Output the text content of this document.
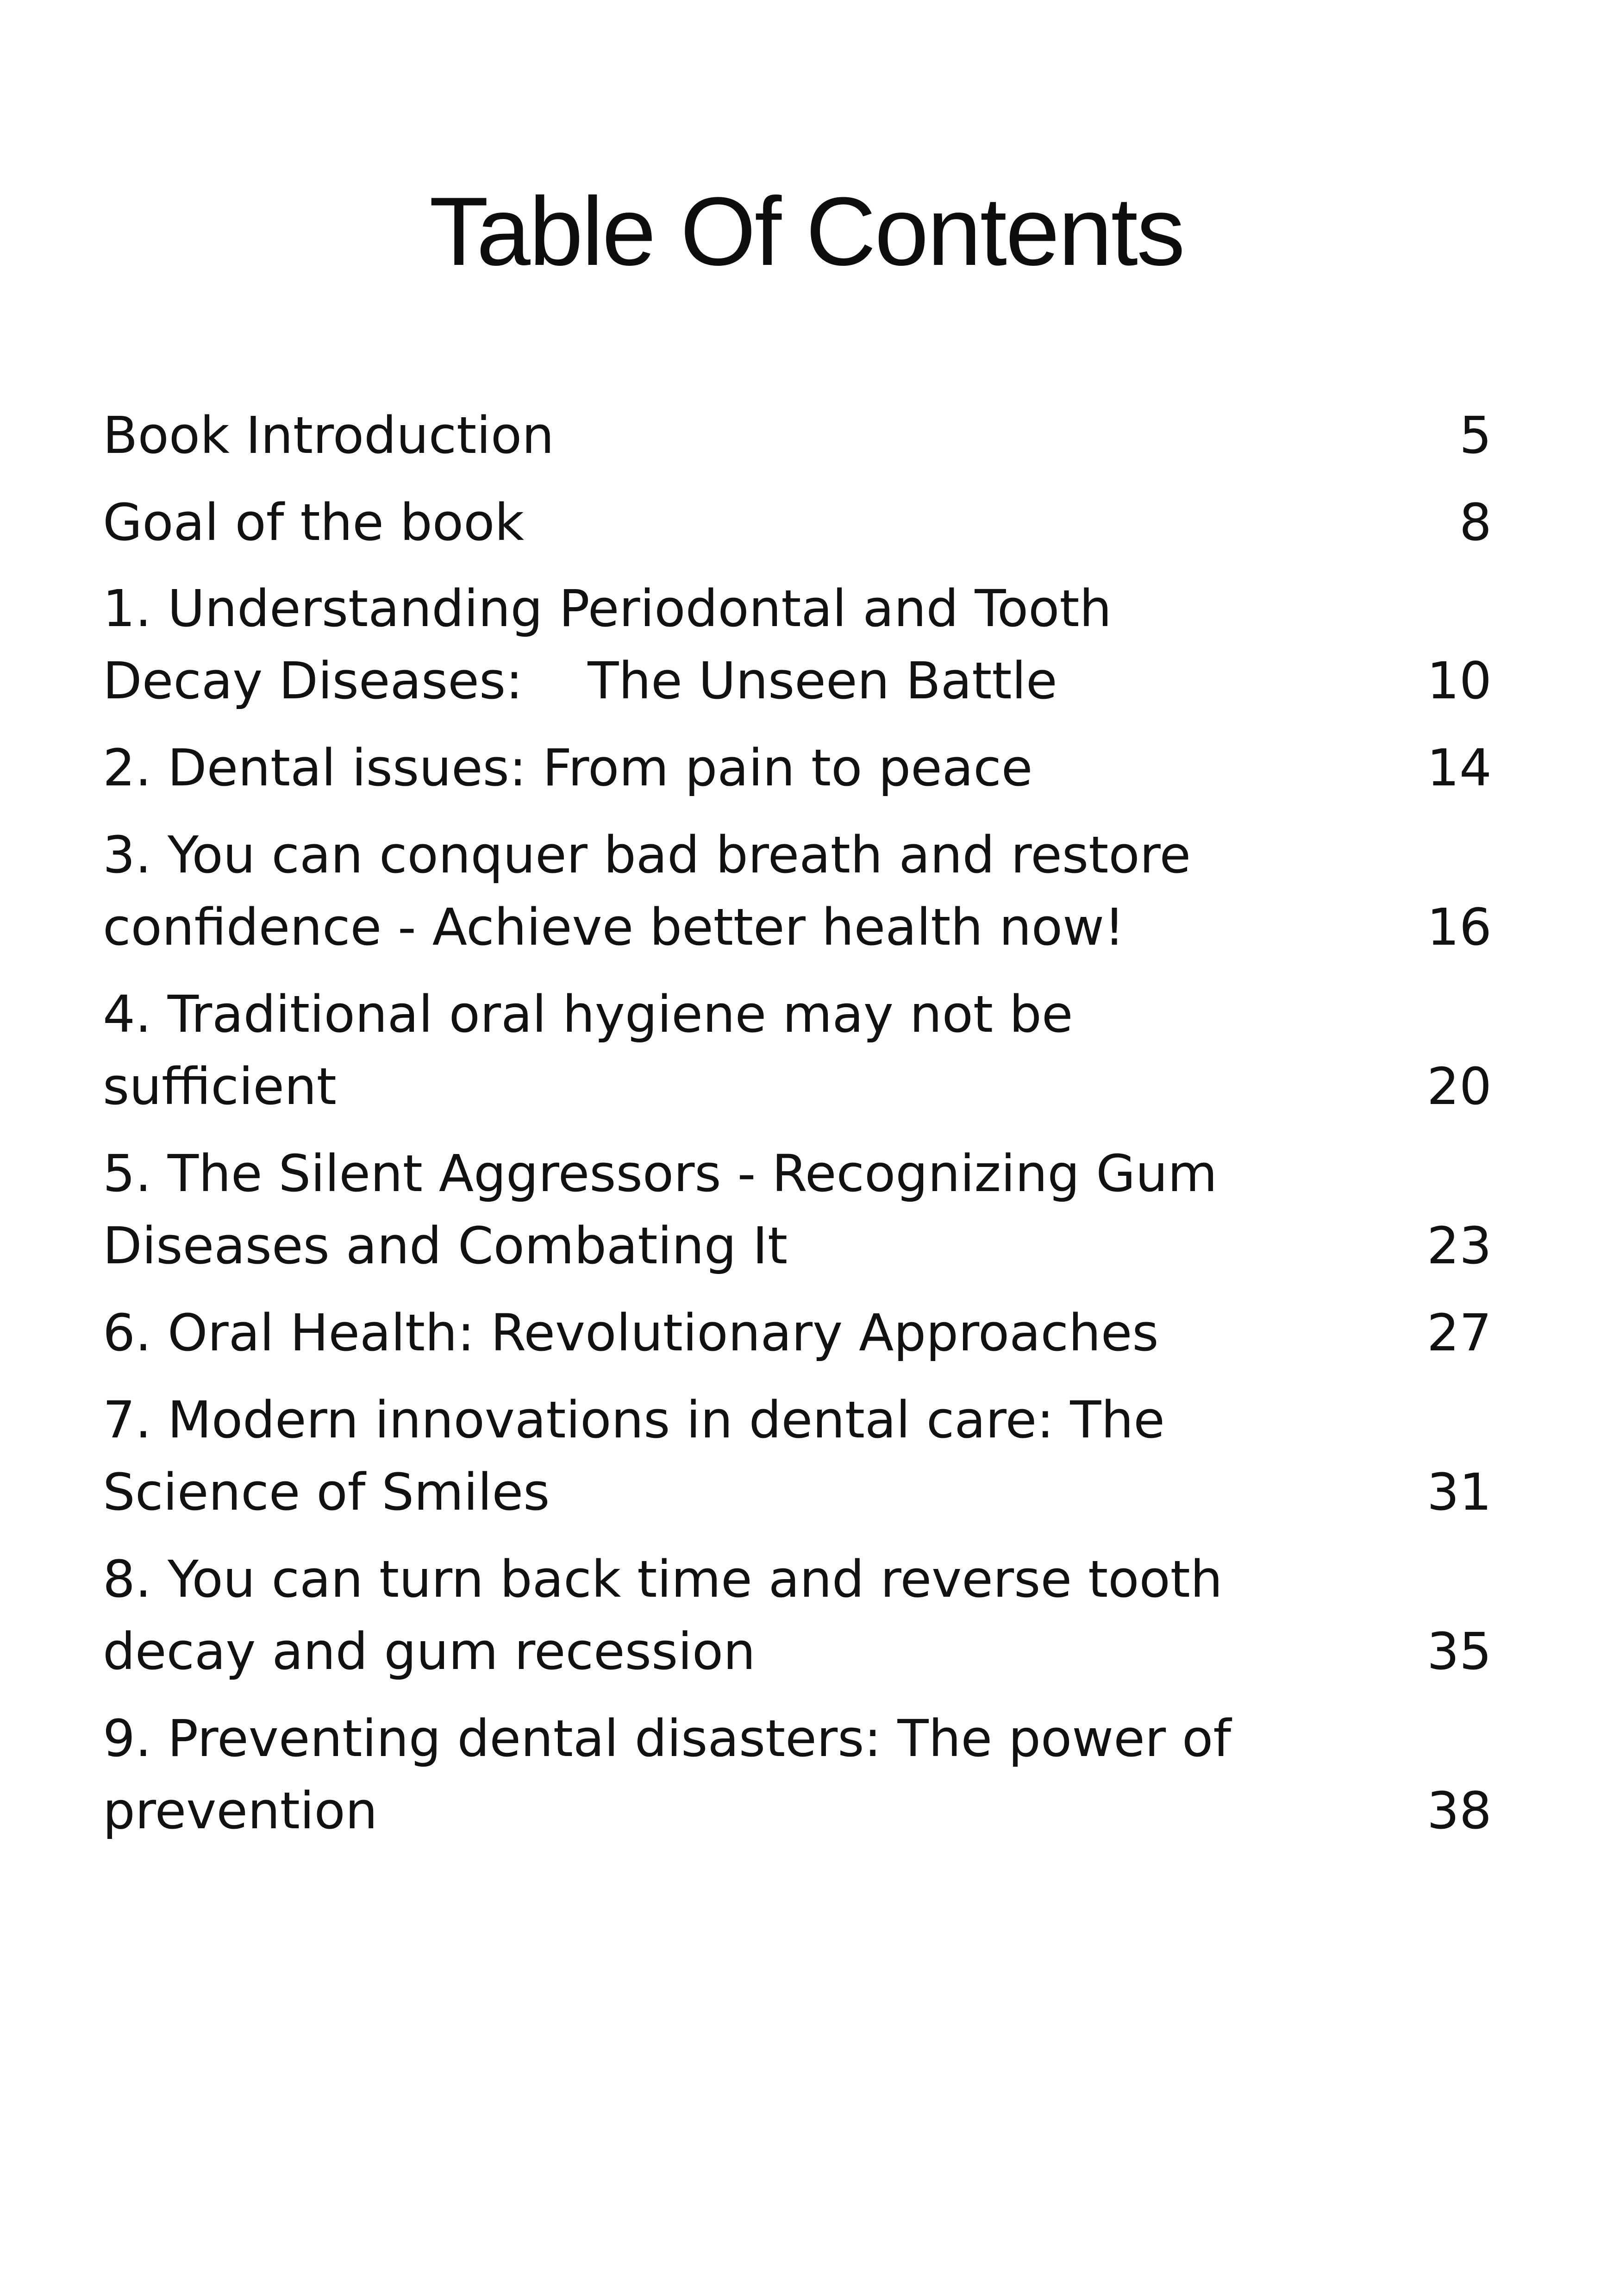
Table Of Contents
Book Introduction	5
Goal of the book	8
1. Understanding Periodontal and Tooth
Decay Diseases:    The Unseen Battle	10
2. Dental issues: From pain to peace	14
3. You can conquer bad breath and restore
confidence - Achieve better health now!	16
4. Traditional oral hygiene may not be
sufficient	20
5. The Silent Aggressors - Recognizing Gum
Diseases and Combating It	23
6. Oral Health: Revolutionary Approaches	27
7. Modern innovations in dental care: The
Science of Smiles	31
8. You can turn back time and reverse tooth
decay and gum recession	35
9. Preventing dental disasters: The power of
prevention	38
